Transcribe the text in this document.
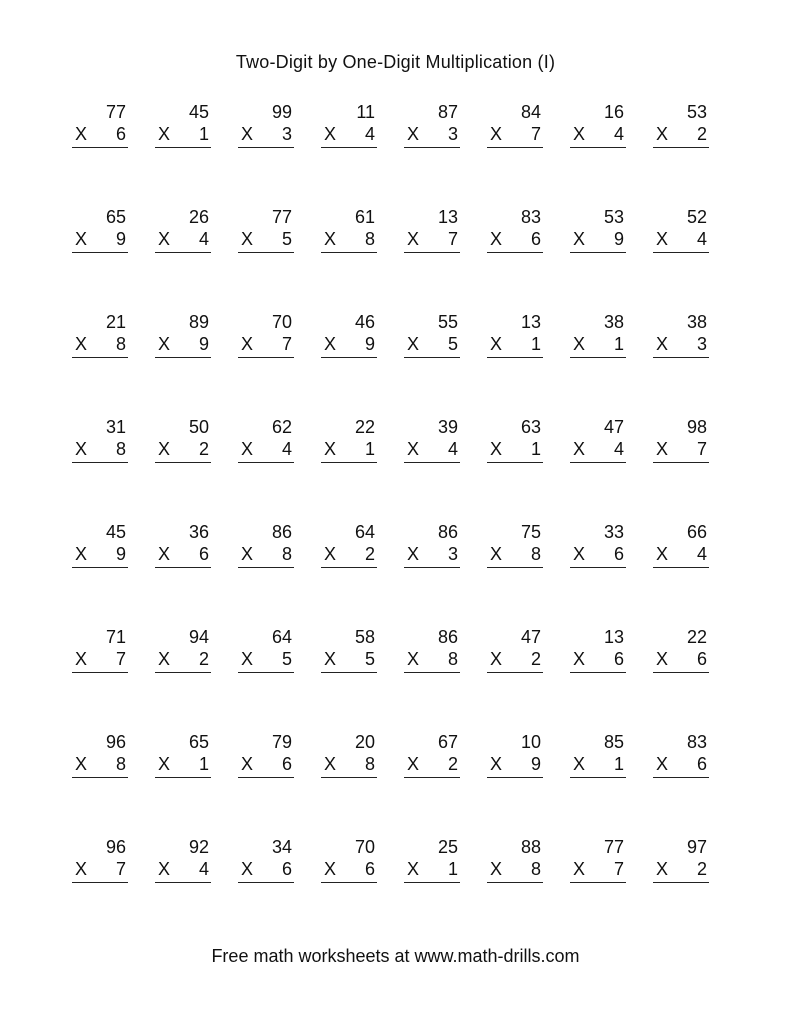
Two-Digit by One-Digit Multiplication (I)
77
X 6
45
X 1
99
X 3
11
X 4
87
X 3
84
X 7
16
X 4
53
X 2
65
X 9
26
X 4
77
X 5
61
X 8
13
X 7
83
X 6
53
X 9
52
X 4
21
X 8
89
X 9
70
X 7
46
X 9
55
X 5
13
X 1
38
X 1
38
X 3
31
X 8
50
X 2
62
X 4
22
X 1
39
X 4
63
X 1
47
X 4
98
X 7
45
X 9
36
X 6
86
X 8
64
X 2
86
X 3
75
X 8
33
X 6
66
X 4
71
X 7
94
X 2
64
X 5
58
X 5
86
X 8
47
X 2
13
X 6
22
X 6
96
X 8
65
X 1
79
X 6
20
X 8
67
X 2
10
X 9
85
X 1
83
X 6
96
X 7
92
X 4
34
X 6
70
X 6
25
X 1
88
X 8
77
X 7
97
X 2
Free math worksheets at www.math-drills.com
